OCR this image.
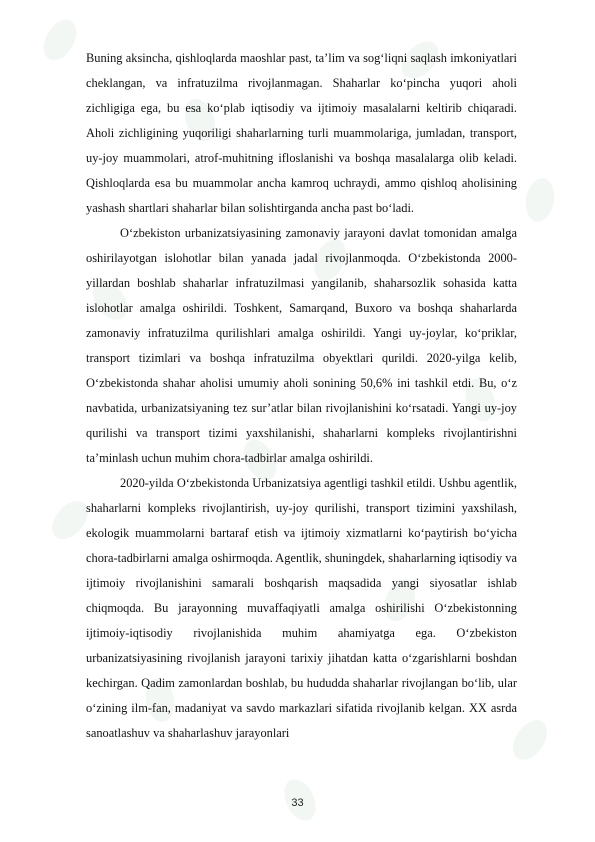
Buning aksincha, qishloqlarda maoshlar past, ta’lim va sog‘liqni saqlash imkoniyatlari cheklangan, va infratuzilma rivojlanmagan. Shaharlar ko‘pincha yuqori aholi zichligiga ega, bu esa ko‘plab iqtisodiy va ijtimoiy masalalarni keltirib chiqaradi. Aholi zichligining yuqoriligi shaharlarning turli muammolariga, jumladan, transport, uy-joy muammolari, atrof-muhitning ifloslanishi va boshqa masalalarga olib keladi. Qishloqlarda esa bu muammolar ancha kamroq uchraydi, ammo qishloq aholisining yashash shartlari shaharlar bilan solishtirganda ancha past bo‘ladi.

O‘zbekiston urbanizatsiyasining zamonaviy jarayoni davlat tomonidan amalga oshirilayotgan islohotlar bilan yanada jadal rivojlanmoqda. O‘zbekistonda 2000-yillardan boshlab shaharlar infratuzilmasi yangilanib, shaharsozlik sohasida katta islohotlar amalga oshirildi. Toshkent, Samarqand, Buxoro va boshqa shaharlarda zamonaviy infratuzilma qurilishlari amalga oshirildi. Yangi uy-joylar, ko‘priklar, transport tizimlari va boshqa infratuzilma obyektlari qurildi. 2020-yilga kelib, O‘zbekistonda shahar aholisi umumiy aholi sonining 50,6% ini tashkil etdi. Bu, o‘z navbatida, urbanizatsiyaning tez sur’atlar bilan rivojlanishini ko‘rsatadi. Yangi uy-joy qurilishi va transport tizimi yaxshilanishi, shaharlarni kompleks rivojlantirishni ta’minlash uchun muhim chora-tadbirlar amalga oshirildi.

2020-yilda O‘zbekistonda Urbanizatsiya agentligi tashkil etildi. Ushbu agentlik, shaharlarni kompleks rivojlantirish, uy-joy qurilishi, transport tizimini yaxshilash, ekologik muammolarni bartaraf etish va ijtimoiy xizmatlarni ko‘paytirish bo‘yicha chora-tadbirlarni amalga oshirmoqda. Agentlik, shuningdek, shaharlarning iqtisodiy va ijtimoiy rivojlanishini samarali boshqarish maqsadida yangi siyosatlar ishlab chiqmoqda. Bu jarayonning muvaffaqiyatli amalga oshirilishi O‘zbekistonning ijtimoiy-iqtisodiy rivojlanishida muhim ahamiyatga ega. O‘zbekiston urbanizatsiyasining rivojlanish jarayoni tarixiy jihatdan katta o‘zgarishlarni boshdan kechirgan. Qadim zamonlardan boshlab, bu hududda shaharlar rivojlangan bo‘lib, ular o‘zining ilm-fan, madaniyat va savdo markazlari sifatida rivojlanib kelgan. XX asrda sanoatlashuv va shaharlashuv jarayonlari

33
